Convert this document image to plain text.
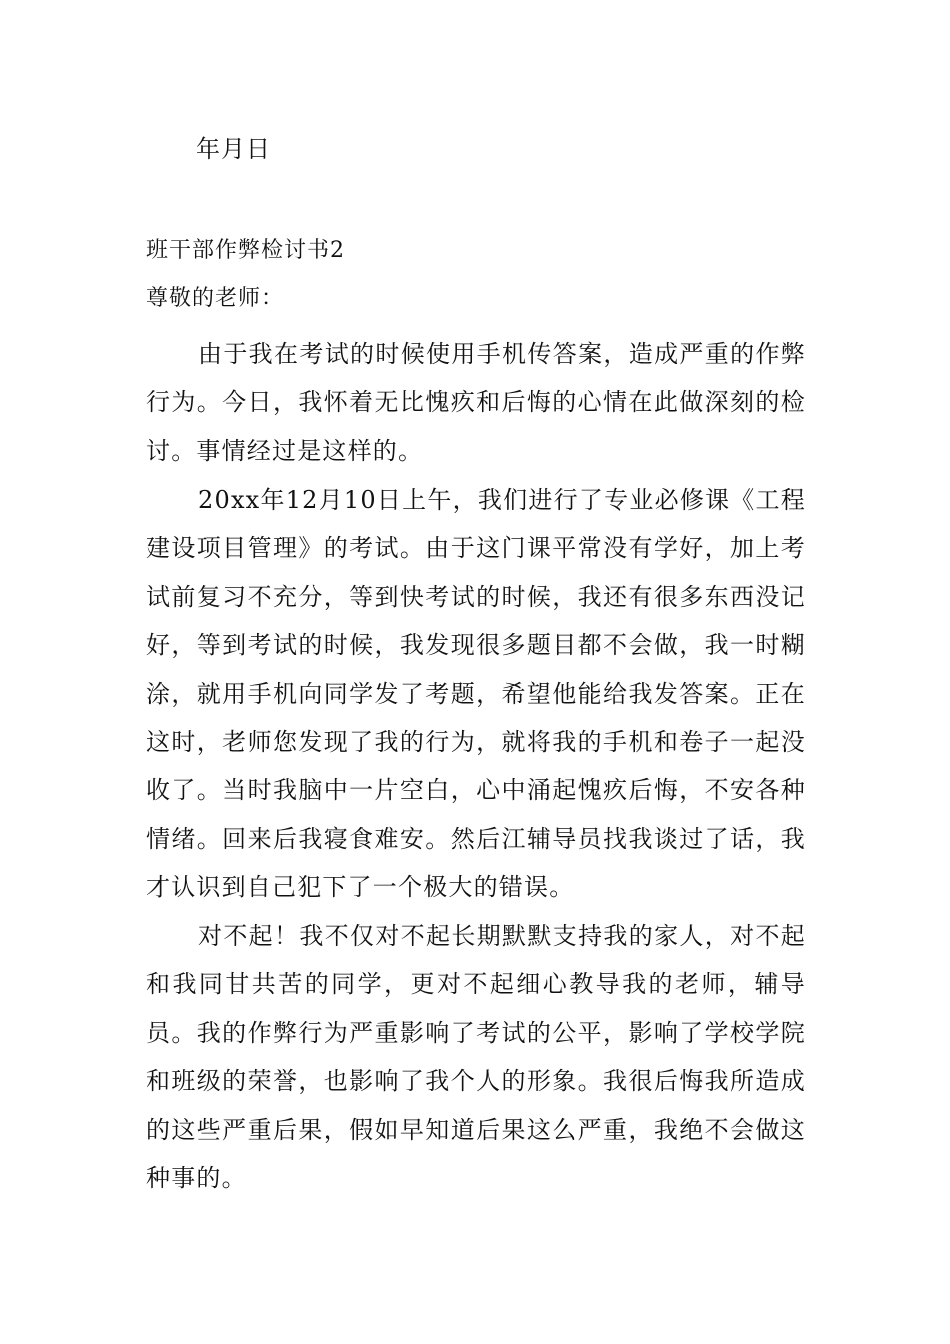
年月日
班干部作弊检讨书2
尊敬的老师：

由于我在考试的时候使用手机传答案，造成严重的作弊行为。今日，我怀着无比愧疚和后悔的心情在此做深刻的检讨。事情经过是这样的。

20xx年12月10日上午，我们进行了专业必修课《工程建设项目管理》的考试。由于这门课平常没有学好，加上考试前复习不充分，等到快考试的时候，我还有很多东西没记好，等到考试的时候，我发现很多题目都不会做，我一时糊涂，就用手机向同学发了考题，希望他能给我发答案。正在这时，老师您发现了我的行为，就将我的手机和卷子一起没收了。当时我脑中一片空白，心中涌起愧疚后悔，不安各种情绪。回来后我寝食难安。然后江辅导员找我谈过了话，我才认识到自己犯下了一个极大的错误。

对不起！我不仅对不起长期默默支持我的家人，对不起和我同甘共苦的同学，更对不起细心教导我的老师，辅导员。我的作弊行为严重影响了考试的公平，影响了学校学院和班级的荣誉，也影响了我个人的形象。我很后悔我所造成的这些严重后果，假如早知道后果这么严重，我绝不会做这种事的。
